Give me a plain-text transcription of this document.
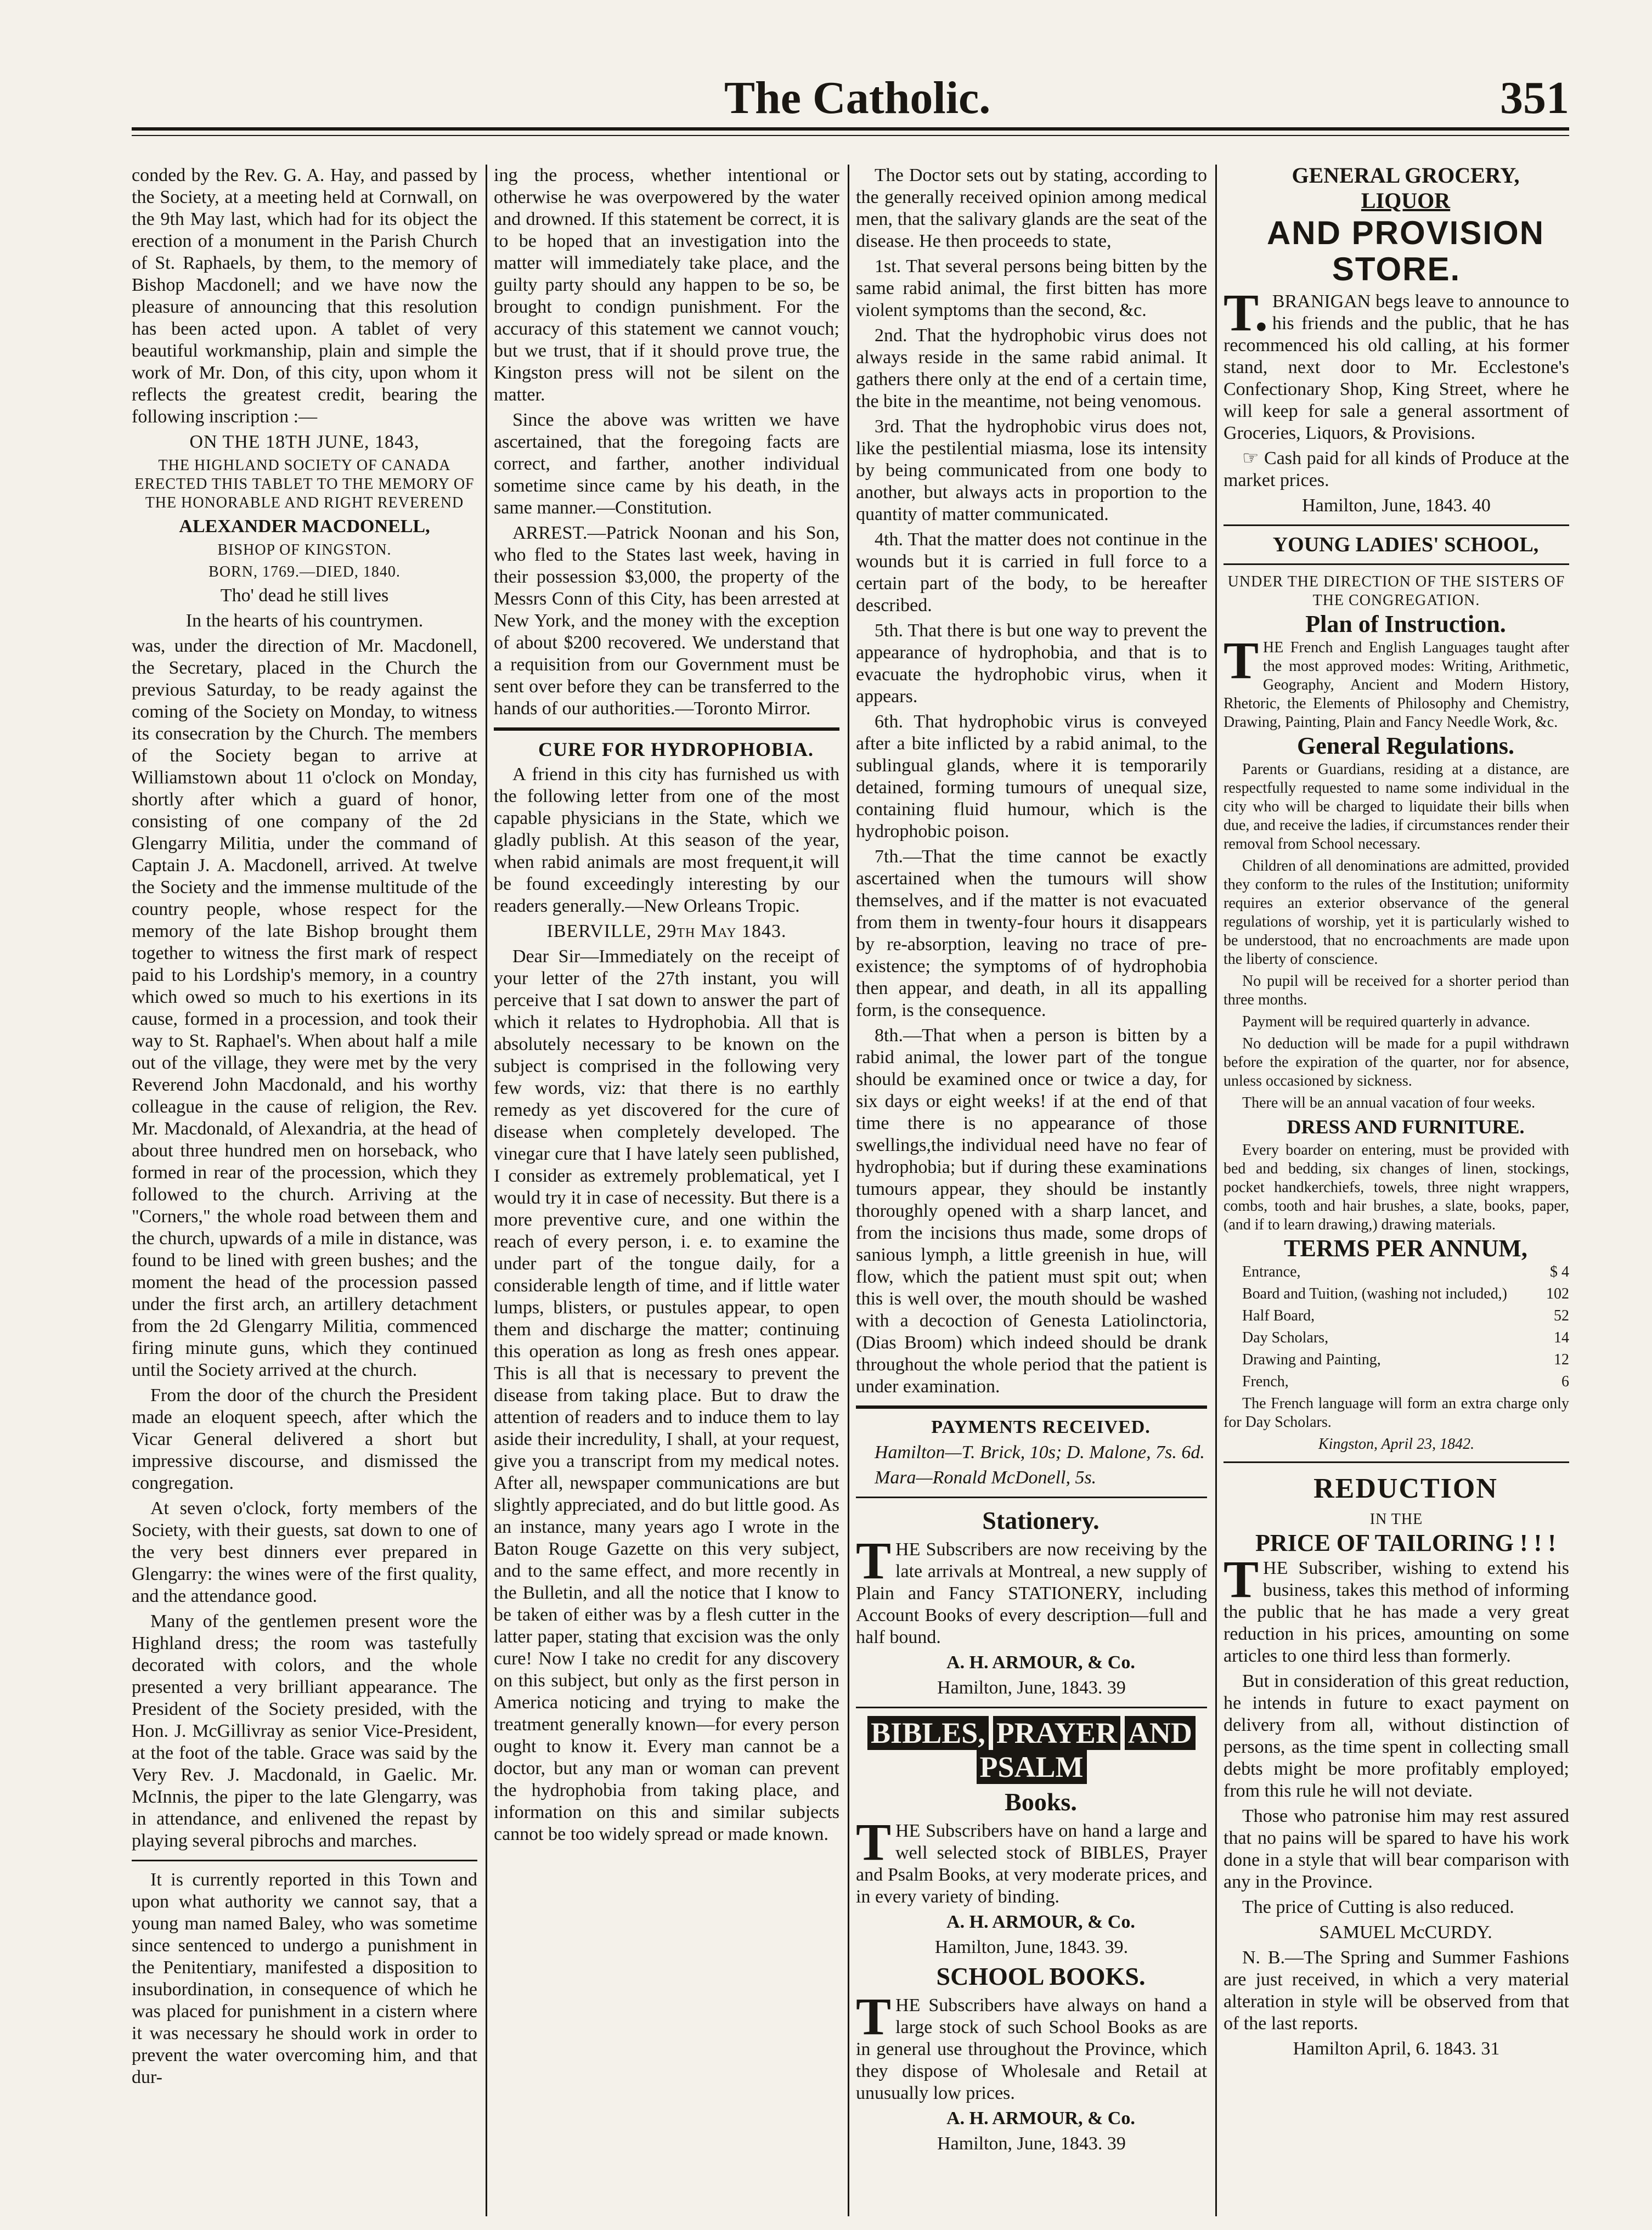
The Catholic.	351

conded by the Rev. G. A. Hay, and passed by the Society, at a meeting held at Cornwall, on the 9th May last, which had for its object the erection of a monument in the Parish Church of St. Raphaels, by them, to the memory of Bishop Macdonell; and we have now the pleasure of announcing that this resolution has been acted upon. A tablet of very beautiful workmanship, plain and simple the work of Mr. Don, of this city, upon whom it reflects the greatest credit, bearing the following inscription :—

ON THE 18TH JUNE, 1843,

THE HIGHLAND SOCIETY OF CANADA ERECTED THIS TABLET TO THE MEMORY OF THE HONORABLE AND RIGHT REVEREND

ALEXANDER MACDONELL,

BISHOP OF KINGSTON.

BORN, 1769.—DIED, 1840.

Tho' dead he still lives

In the hearts of his countrymen.

was, under the direction of Mr. Macdonell, the Secretary, placed in the Church the previous Saturday, to be ready against the coming of the Society on Monday, to witness its consecration by the Church. The members of the Society began to arrive at Williamstown about 11 o'clock on Monday, shortly after which a guard of honor, consisting of one company of the 2d Glengarry Militia, under the command of Captain J. A. Macdonell, arrived. At twelve the Society and the immense multitude of the country people, whose respect for the memory of the late Bishop brought them together to witness the first mark of respect paid to his Lordship's memory, in a country which owed so much to his exertions in its cause, formed in a procession, and took their way to St. Raphael's. When about half a mile out of the village, they were met by the very Reverend John Macdonald, and his worthy colleague in the cause of religion, the Rev. Mr. Macdonald, of Alexandria, at the head of about three hundred men on horseback, who formed in rear of the procession, which they followed to the church. Arriving at the "Corners," the whole road between them and the church, upwards of a mile in distance, was found to be lined with green bushes; and the moment the head of the procession passed under the first arch, an artillery detachment from the 2d Glengarry Militia, commenced firing minute guns, which they continued until the Society arrived at the church.

From the door of the church the President made an eloquent speech, after which the Vicar General delivered a short but impressive discourse, and dismissed the congregation.

At seven o'clock, forty members of the Society, with their guests, sat down to one of the very best dinners ever prepared in Glengarry: the wines were of the first quality, and the attendance good.

Many of the gentlemen present wore the Highland dress; the room was tastefully decorated with colors, and the whole presented a very brilliant appearance. The President of the Society presided, with the Hon. J. McGillivray as senior Vice-President, at the foot of the table. Grace was said by the Very Rev. J. Macdonald, in Gaelic. Mr. McInnis, the piper to the late Glengarry, was in attendance, and enlivened the repast by playing several pibrochs and marches.

It is currently reported in this Town and upon what authority we cannot say, that a young man named Baley, who was sometime since sentenced to undergo a punishment in the Penitentiary, manifested a disposition to insubordination, in consequence of which he was placed for punishment in a cistern where it was necessary he should work in order to prevent the water overcoming him, and that dur-

ing the process, whether intentional or otherwise he was overpowered by the water and drowned. If this statement be correct, it is to be hoped that an investigation into the matter will immediately take place, and the guilty party should any happen to be so, be brought to condign punishment. For the accuracy of this statement we cannot vouch; but we trust, that if it should prove true, the Kingston press will not be silent on the matter.

Since the above was written we have ascertained, that the foregoing facts are correct, and farther, another individual sometime since came by his death, in the same manner.—Constitution.

ARREST.—Patrick Noonan and his Son, who fled to the States last week, having in their possession $3,000, the property of the Messrs Conn of this City, has been arrested at New York, and the money with the exception of about $200 recovered. We understand that a requisition from our Government must be sent over before they can be transferred to the hands of our authorities.—Toronto Mirror.

CURE FOR HYDROPHOBIA.

A friend in this city has furnished us with the following letter from one of the most capable physicians in the State, which we gladly publish. At this season of the year, when rabid animals are most frequent,it will be found exceedingly interesting by our readers generally.—New Orleans Tropic.

IBERVILLE, 29th May 1843.

Dear Sir—Immediately on the receipt of your letter of the 27th instant, you will perceive that I sat down to answer the part of which it relates to Hydrophobia. All that is absolutely necessary to be known on the subject is comprised in the following very few words, viz: that there is no earthly remedy as yet discovered for the cure of disease when completely developed. The vinegar cure that I have lately seen published, I consider as extremely problematical, yet I would try it in case of necessity. But there is a more preventive cure, and one within the reach of every person, i. e. to examine the under part of the tongue daily, for a considerable length of time, and if little water lumps, blisters, or pustules appear, to open them and discharge the matter; continuing this operation as long as fresh ones appear. This is all that is necessary to prevent the disease from taking place. But to draw the attention of readers and to induce them to lay aside their incredulity, I shall, at your request, give you a transcript from my medical notes. After all, newspaper communications are but slightly appreciated, and do but little good. As an instance, many years ago I wrote in the Baton Rouge Gazette on this very subject, and to the same effect, and more recently in the Bulletin, and all the notice that I know to be taken of either was by a flesh cutter in the latter paper, stating that excision was the only cure! Now I take no credit for any discovery on this subject, but only as the first person in America noticing and trying to make the treatment generally known—for every person ought to know it. Every man cannot be a doctor, but any man or woman can prevent the hydrophobia from taking place, and information on this and similar subjects cannot be too widely spread or made known.

The Doctor sets out by stating, according to the generally received opinion among medical men, that the salivary glands are the seat of the disease. He then proceeds to state,

1st. That several persons being bitten by the same rabid animal, the first bitten has more violent symptoms than the second, &c.

2nd. That the hydrophobic virus does not always reside in the same rabid animal. It gathers there only at the end of a certain time, the bite in the meantime, not being venomous.

3rd. That the hydrophobic virus does not, like the pestilential miasma, lose its intensity by being communicated from one body to another, but always acts in proportion to the quantity of matter communicated.

4th. That the matter does not continue in the wounds but it is carried in full force to a certain part of the body, to be hereafter described.

5th. That there is but one way to prevent the appearance of hydrophobia, and that is to evacuate the hydrophobic virus, when it appears.

6th. That hydrophobic virus is conveyed after a bite inflicted by a rabid animal, to the sublingual glands, where it is temporarily detained, forming tumours of unequal size, containing fluid humour, which is the hydrophobic poison.

7th.—That the time cannot be exactly ascertained when the tumours will show themselves, and if the matter is not evacuated from them in twenty-four hours it disappears by re-absorption, leaving no trace of pre-existence; the symptoms of of hydrophobia then appear, and death, in all its appalling form, is the consequence.

8th.—That when a person is bitten by a rabid animal, the lower part of the tongue should be examined once or twice a day, for six days or eight weeks! if at the end of that time there is no appearance of those swellings,the individual need have no fear of hydrophobia; but if during these examinations tumours appear, they should be instantly thoroughly opened with a sharp lancet, and from the incisions thus made, some drops of sanious lymph, a little greenish in hue, will flow, which the patient must spit out; when this is well over, the mouth should be washed with a decoction of Genesta Latiolinctoria, (Dias Broom) which indeed should be drank throughout the whole period that the patient is under examination.

PAYMENTS RECEIVED.

Hamilton—T. Brick, 10s; D. Malone, 7s. 6d.

Mara—Ronald McDonell, 5s.

Stationery.

THE Subscribers are now receiving by the late arrivals at Montreal, a new supply of Plain and Fancy STATIONERY, including Account Books of every description—full and half bound.

A. H. ARMOUR, & Co.

Hamilton, June, 1843. 39

BIBLES, PRAYER ANDPSALM

Books.

THE Subscribers have on hand a large and well selected stock of BIBLES, Prayer and Psalm Books, at very moderate prices, and in every variety of binding.

A. H. ARMOUR, & Co.

Hamilton, June, 1843. 39.

SCHOOL BOOKS.

THE Subscribers have always on hand a large stock of such School Books as are in general use throughout the Province, which they dispose of Wholesale and Retail at unusually low prices.

A. H. ARMOUR, & Co.

Hamilton, June, 1843. 39

GENERAL GROCERY,

LIQUOR

AND PROVISION STORE.

T. BRANIGAN begs leave to announce to his friends and the public, that he has recommenced his old calling, at his former stand, next door to Mr. Ecclestone's Confectionary Shop, King Street, where he will keep for sale a general assortment of Groceries, Liquors, & Provisions.

☞ Cash paid for all kinds of Produce at the market prices.

Hamilton, June, 1843. 40

YOUNG LADIES' SCHOOL,

UNDER THE DIRECTION OF THE SISTERS OF THE CONGREGATION.

Plan of Instruction.

THE French and English Languages taught after the most approved modes: Writing, Arithmetic, Geography, Ancient and Modern History, Rhetoric, the Elements of Philosophy and Chemistry, Drawing, Painting, Plain and Fancy Needle Work, &c.

General Regulations.

Parents or Guardians, residing at a distance, are respectfully requested to name some individual in the city who will be charged to liquidate their bills when due, and receive the ladies, if circumstances render their removal from School necessary.

Children of all denominations are admitted, provided they conform to the rules of the Institution; uniformity requires an exterior observance of the general regulations of worship, yet it is particularly wished to be understood, that no encroachments are made upon the liberty of conscience.

No pupil will be received for a shorter period than three months.

Payment will be required quarterly in advance.

No deduction will be made for a pupil withdrawn before the expiration of the quarter, nor for absence, unless occasioned by sickness.

There will be an annual vacation of four weeks.

DRESS AND FURNITURE.

Every boarder on entering, must be provided with bed and bedding, six changes of linen, stockings, pocket handkerchiefs, towels, three night wrappers, combs, tooth and hair brushes, a slate, books, paper,(and if to learn drawing,) drawing materials.

TERMS PER ANNUM,

Entrance,	$ 4

Board and Tuition, (washing not included,)	102

Half Board,	52

Day Scholars,	14

Drawing and Painting,	12

French,	6

The French language will form an extra charge only for Day Scholars.

Kingston, April 23, 1842.

REDUCTION

IN THE

PRICE OF TAILORING ! ! !

THE Subscriber, wishing to extend his business, takes this method of informing the public that he has made a very great reduction in his prices, amounting on some articles to one third less than formerly.

But in consideration of this great reduction, he intends in future to exact payment on delivery from all, without distinction of persons, as the time spent in collecting small debts might be more profitably employed; from this rule he will not deviate.

Those who patronise him may rest assured that no pains will be spared to have his work done in a style that will bear comparison with any in the Province.

The price of Cutting is also reduced.

SAMUEL McCURDY.

N. B.—The Spring and Summer Fashions are just received, in which a very material alteration in style will be observed from that of the last reports.

Hamilton April, 6. 1843. 31
